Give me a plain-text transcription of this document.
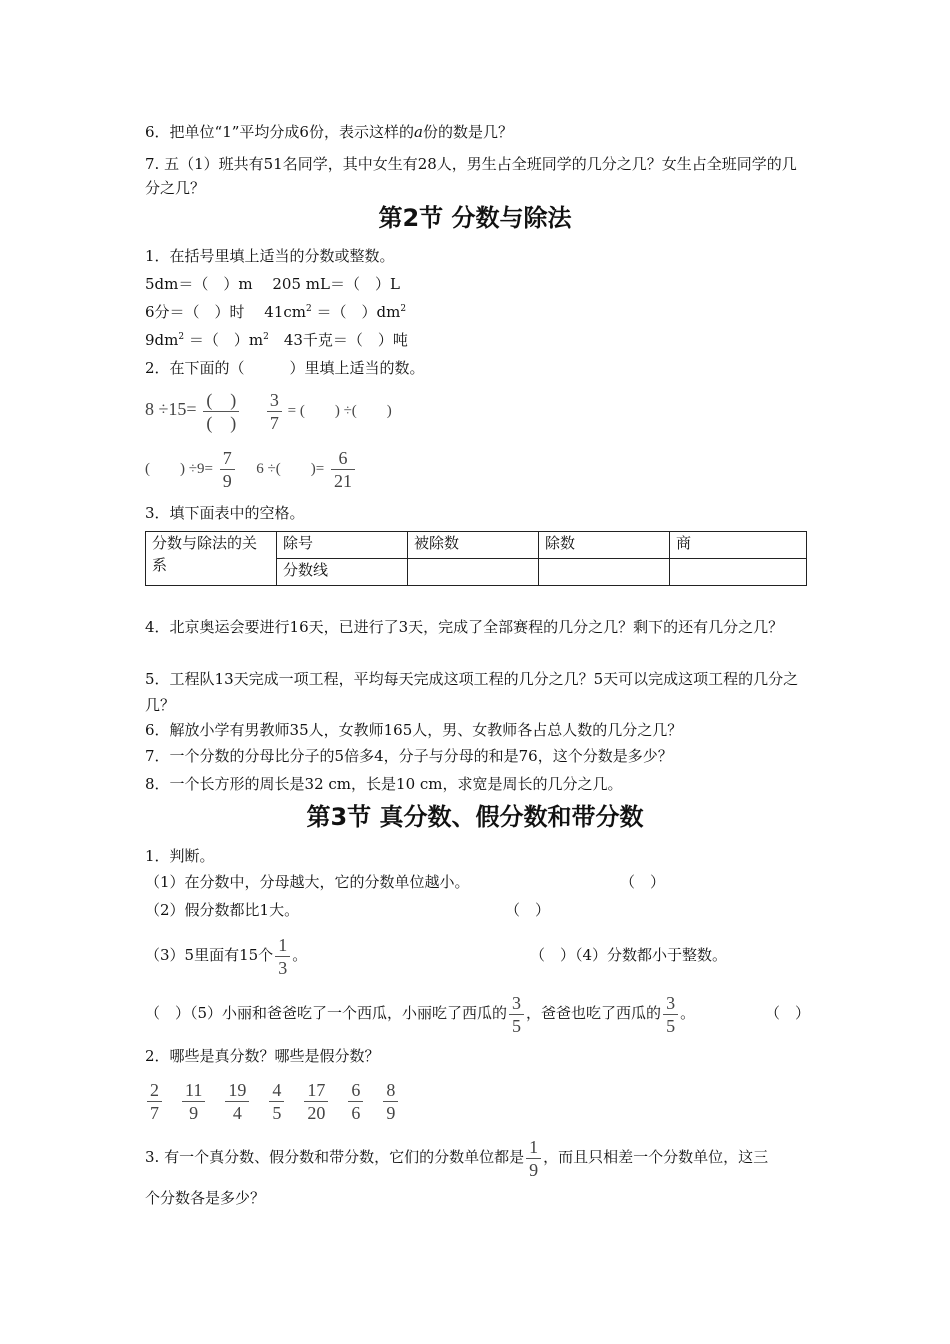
6．把单位“1”平均分成6份，表示这样的a份的数是几？
7. 五（1）班共有51名同学，其中女生有28人，男生占全班同学的几分之几？女生占全班同学的几分之几？
第2节 分数与除法
1．在括号里填上适当的分数或整数。
5dm＝（　）m　 205 mL＝（　）L
6分＝（　）时　 $41cm^2$ ＝（　）$dm^2$
$9dm^2$ ＝（　）$m^2$　43千克＝（　）吨
2．在下面的（　　　）里填上适当的数。
$8 \div 15= \frac{( )}{( )}$
$\frac{3}{7}$ = (　　) ÷(　　)
(　　) $\div 9= \frac{7}{9} 6$ ÷(　　)= $\frac{6}{21}$
3．填下面表中的空格。
分数与除法的关系	除号	被除数	除数	商
	分数线			
4．北京奥运会要进行16天，已进行了3天，完成了全部赛程的几分之几？剩下的还有几分之几？
5．工程队13天完成一项工程，平均每天完成这项工程的几分之几？5天可以完成这项工程的几分之几？
6．解放小学有男教师35人，女教师165人，男、女教师各占总人数的几分之几？
7．一个分数的分母比分子的5倍多4，分子与分母的和是76，这个分数是多少？
8．一个长方形的周长是32 cm，长是10 cm，求宽是周长的几分之几。
第3节 真分数、假分数和带分数
1．判断。
（1）在分数中，分母越大，它的分数单位越小。	（　）
（2）假分数都比1大。	（　）
（3）5里面有15个 $\frac{1}{3}$ 。	（　）（4）分数都小于整数。
（　）（5）小丽和爸爸吃了一个西瓜，小丽吃了西瓜的 $\frac{3}{5}$ ，爸爸也吃了西瓜的 $\frac{3}{5}$ 。	（　）
2．哪些是真分数？哪些是假分数？
$\frac{2}{7} \frac{11}{9} \frac{19}{4} \frac{4}{5} \frac{17}{20} \frac{6}{6} \frac{8}{9}$
3. 有一个真分数、假分数和带分数，它们的分数单位都是 $\frac{1}{9}$ ，而且只相差一个分数单位，这三
个分数各是多少？
